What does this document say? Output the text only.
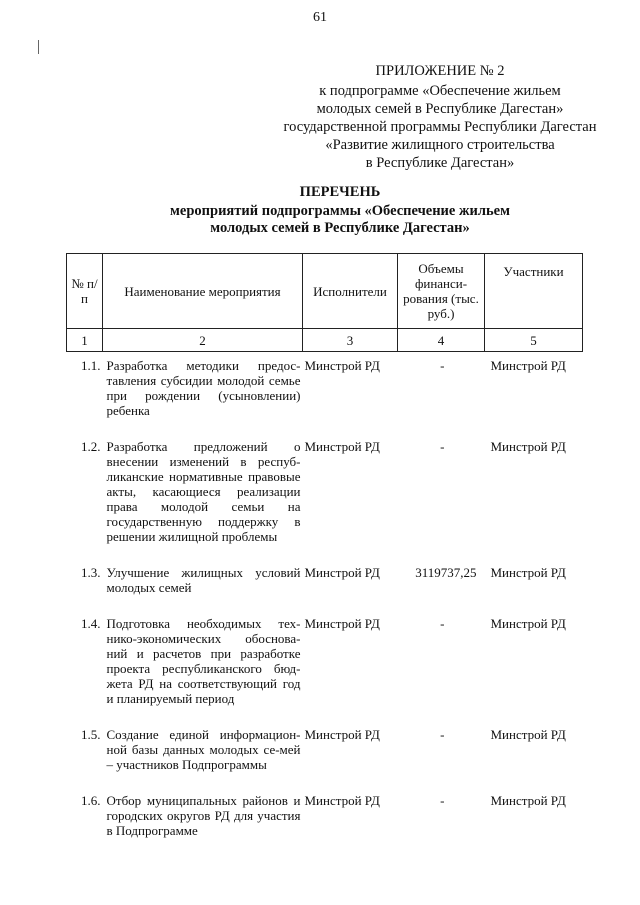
61
ПРИЛОЖЕНИЕ № 2
к подпрограмме «Обеспечение жильем
молодых семей в Республике Дагестан»
государственной программы Республики Дагестан
«Развитие жилищного строительства
в Республике Дагестан»
ПЕРЕЧЕНЬ
мероприятий подпрограммы «Обеспечение жильем
молодых семей в Республике Дагестан»
№ п/п	Наименование мероприятия	Исполнители	Объемы финанси-рования (тыс. руб.)	Участники
1	2	3	4	5
1.1.	Разработка методики предос-тавления субсидии молодой семье при рождении (усыновлении) ребенка	Минстрой РД	-	Минстрой РД
1.2.	Разработка предложений о внесении изменений в респуб-ликанские нормативные правовые акты, касающиеся реализации права молодой семьи на государственную поддержку в решении жилищной проблемы	Минстрой РД	-	Минстрой РД
1.3.	Улучшение жилищных условий молодых семей	Минстрой РД	3119737,25	Минстрой РД
1.4.	Подготовка необходимых тех-нико-экономических обоснова-ний и расчетов при разработке проекта республиканского бюд-жета РД на соответствующий год и планируемый период	Минстрой РД	-	Минстрой РД
1.5.	Создание единой информацион-ной базы данных молодых се-мей – участников Подпрограммы	Минстрой РД	-	Минстрой РД
1.6.	Отбор муниципальных районов и городских округов РД для участия в Подпрограмме	Минстрой РД	-	Минстрой РД
